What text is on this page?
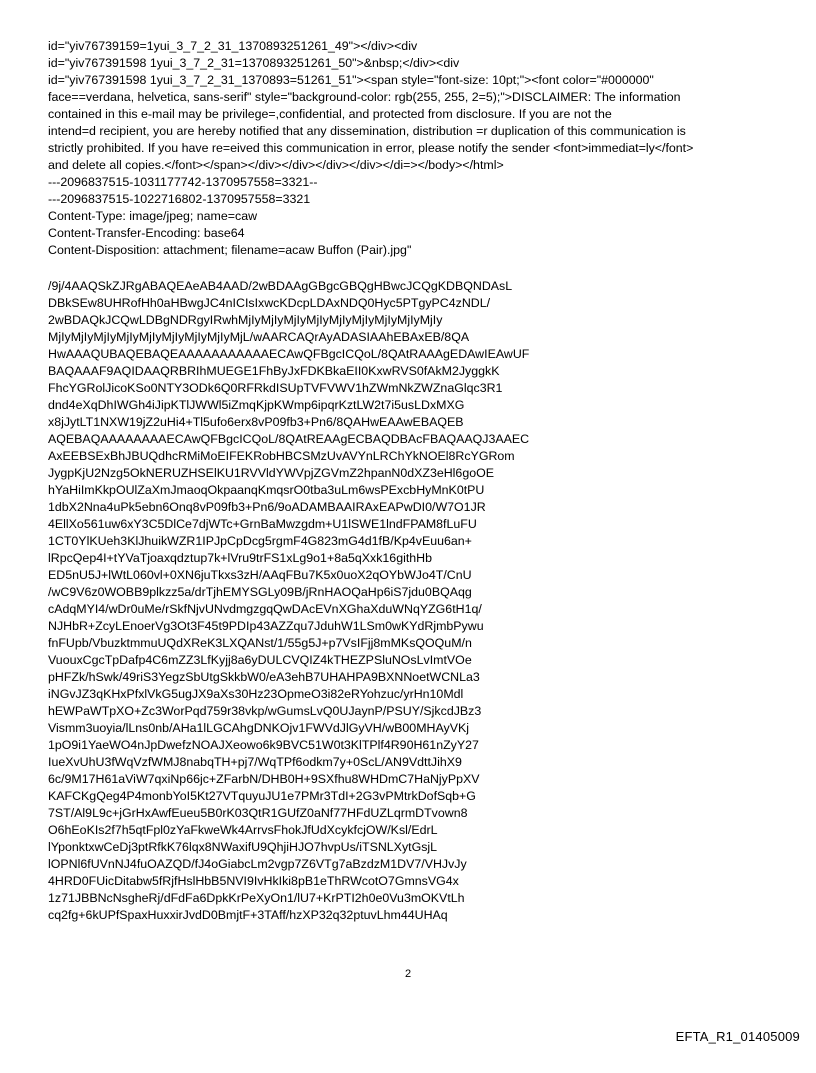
id="yiv76739159=1yui_3_7_2_31_1370893251261_49"></div><div
id="yiv767391598 1yui_3_7_2_31=1370893251261_50">&nbsp;</div><div
id="yiv767391598 1yui_3_7_2_31_1370893=51261_51"><span style="font-size: 10pt;"><font color="#000000"
face==verdana, helvetica, sans-serif" style="background-color: rgb(255, 255, 2=5);">DISCLAIMER: The information
contained in this e-mail may be privilege=,confidential, and protected from disclosure. If you are not the
intend=d recipient, you are hereby notified that any dissemination, distribution =r duplication of this communication is
strictly prohibited. If you have re=eived this communication in error, please notify the sender <font>immediat=ly</font>
and delete all copies.</font></span></div></div></div></div></di=></body></html>
---2096837515-1031177742-1370957558=3321--
---2096837515-1022716802-1370957558=3321
Content-Type: image/jpeg; name=caw
Content-Transfer-Encoding: base64
Content-Disposition: attachment; filename=acaw Buffon (Pair).jpg"
/9j/4AAQSkZJRgABAQEAeAB4AAD/2wBDAAgGBgcGBQgHBwcJCQgKDBQNDAsL
DBkSEw8UHRofHh0aHBwgJC4nICIsIxwcKDcpLDAxNDQ0Hyc5PTgyPC4zNDL/
2wBDAQkJCQwLDBgNDRgyIRwhMjIyMjIyMjIyMjIyMjIyMjIyMjIyMjIyMjIy
MjIyMjIyMjIyMjIyMjIyMjIyMjIyMjIyMjL/wAARCAQrAyADASIAAhEBAxEB/8QA
HwAAAQUBAQEBAQEAAAAAAAAAAAECAwQFBgcICQoL/8QAtRAAAgEDAwIEAwUF
BAQAAAF9AQIDAAQRBRIhMUEGE1FhByJxFDKBkaEII0KxwRVS0fAkM2JyggkK
FhcYGRolJicoKSo0NTY3ODk6Q0RFRkdISUpTVFVWV1hZWmNkZWZnaGlqc3R1
dnd4eXqDhIWGh4iJipKTlJWWl5iZmqKjpKWmp6ipqrKztLW2t7i5usLDxMXG
x8jJytLT1NXW19jZ2uHi4+Tl5ufo6erx8vP09fb3+Pn6/8QAHwEAAwEBAQEB
AQEBAQAAAAAAAAECAwQFBgcICQoL/8QAtREAAgECBAQDBAcFBAQAAQJ3AAEC
AxEEBSExBhJBUQdhcRMiMoEIFEKRobHBCSMzUvAVYnLRChYkNOEl8RcYGRom
JygpKjU2Nzg5OkNERUZHSElKU1RVVldYWVpjZGVmZ2hpanN0dXZ3eHl6goOE
hYaHiImKkpOUlZaXmJmaoqOkpaanqKmqsrO0tba3uLm6wsPExcbHyMnK0tPU
1dbX2Nna4uPk5ebn6Onq8vP09fb3+Pn6/9oADAMBAAIRAxEAPwDI0/W7O1JR
4EllXo561uw6xY3C5DlCe7djWTc+GrnBaMwzgdm+U1lSWE1lndFPAM8fLuFU
1CT0YlKUeh3KlJhuikWZR1IPJpCpDcg5rgmF4G823mG4d1fB/Kp4vEuu6an+
lRpcQep4I+tYVaTjoaxqdztup7k+lVru9trFS1xLg9o1+8a5qXxk16githHb
ED5nU5J+lWtL060vl+0XN6juTkxs3zH/AAqFBu7K5x0uoX2qOYbWJo4T/CnU
/wC9V6z0WOBB9plkzz5a/drTjhEMYSGLy09B/jRnHAOQaHp6iS7jdu0BQAqg
cAdqMYI4/wDr0uMe/rSkfNjvUNvdmgzgqQwDAcEVnXGhaXduWNqYZG6tH1q/
NJHbR+ZcyLEnoerVg3Ot3F45t9PDIp43AZZqu7JduhW1LSm0wKYdRjmbPywu
fnFUpb/VbuzktmmuUQdXReK3LXQANst/1/55g5J+p7VsIFjj8mMKsQOQuM/n
VuouxCgcTpDafp4C6mZZ3LfKyjj8a6yDULCVQIZ4kTHEZPSluNOsLvImtVOe
pHFZk/hSwk/49riS3YegzSbUtgSkkbW0/eA3ehB7UHAHPA9BXNNoetWCNLa3
iNGvJZ3qKHxPfxlVkG5ugJX9aXs30Hz23OpmeO3i82eRYohzuc/yrHn10Mdl
hEWPaWTpXO+Zc3WorPqd759r38vkp/wGumsLvQ0UJaynP/PSUY/SjkcdJBz3
Vismm3uoyia/lLns0nb/AHa1lLGCAhgDNKOjv1FWVdJlGyVH/wB00MHAyVKj
1pO9i1YaeWO4nJpDwefzNOAJXeowo6k9BVC51W0t3KlTPlf4R90H61nZyY27
IueXvUhU3fWqVzfWMJ8nabqTH+pj7/WqTPf6odkm7y+0ScL/AN9VdttJihX9
6c/9M17H61aViW7qxiNp66jc+ZFarbN/DHB0H+9SXfhu8WHDmC7HaNjyPpXV
KAFCKgQeg4P4monbYoI5Kt27VTquyuJU1e7PMr3TdI+2G3vPMtrkDofSqb+G
7ST/Al9L9c+jGrHxAwfEueu5B0rK03QtR1GUfZ0aNf77HFdUZLqrmDTvown8
O6hEoKIs2f7h5qtFpl0zYaFkweWk4ArrvsFhokJfUdXcykfcjOW/Ksl/EdrL
lYponktxwCeDj3ptRfkK76lqx8NWaxifU9QhjiHJO7hvpUs/iTSNLXytGsjL
lOPNl6fUVnNJ4fuOAZQD/fJ4oGiabcLm2vgp7Z6VTg7aBzdzM1DV7/VHJvJy
4HRD0FUicDitabw5fRjfHslHbB5NVI9IvHkIki8pB1eThRWcotO7GmnsVG4x
1z71JBBNcNsgheRj/dFdFa6DpkKrPeXyOn1/lU7+KrPTI2h0e0Vu3mOKVtLh
cq2fg+6kUPfSpaxHuxxirJvdD0BmjtF+3TAff/hzXP32q32ptuvLhm44UHAq
2
EFTA_R1_01405009
